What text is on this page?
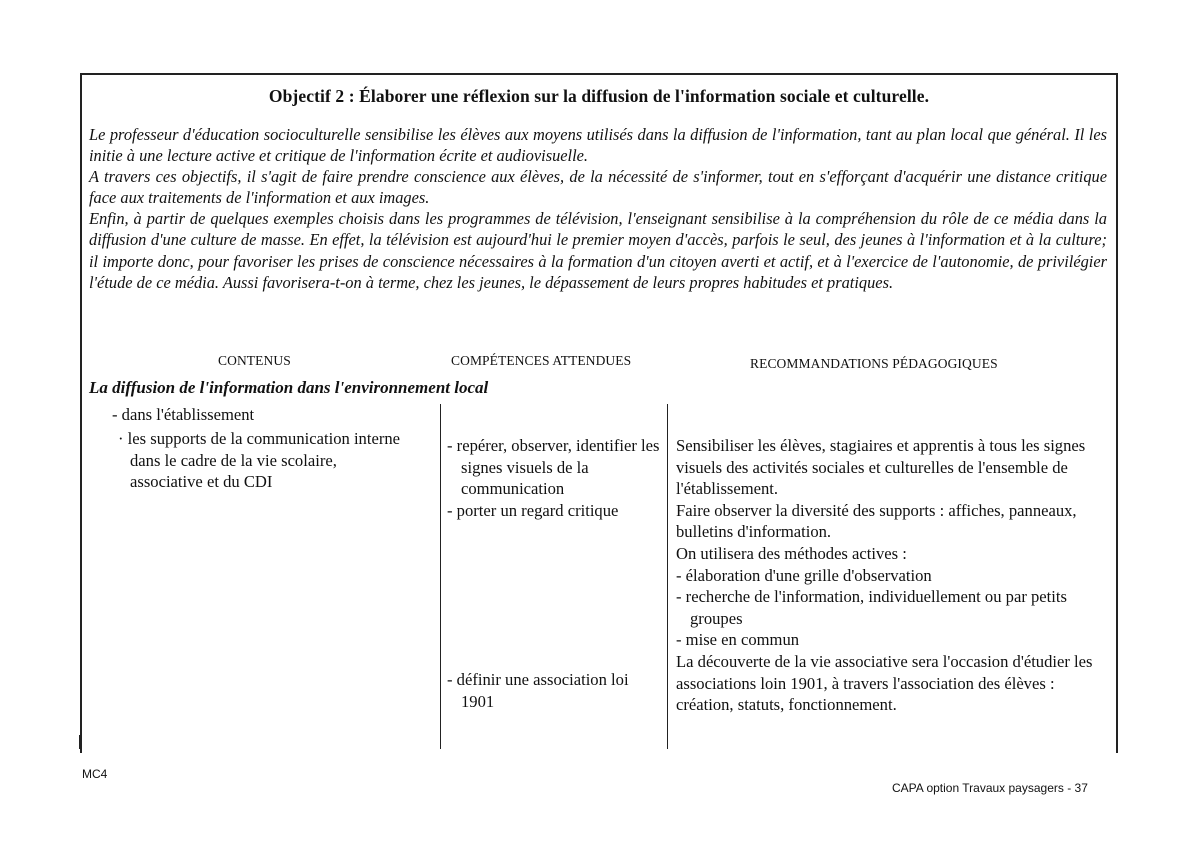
Objectif 2 : Élaborer une réflexion sur la diffusion de l'information sociale et culturelle.

Le professeur d'éducation socioculturelle sensibilise les élèves aux moyens utilisés dans la diffusion de l'information, tant au plan local que général. Il les initie à une lecture active et critique de l'information écrite et audiovisuelle.

A travers ces objectifs, il s'agit de faire prendre conscience aux élèves, de la nécessité de s'informer, tout en s'efforçant d'acquérir une distance critique face aux traitements de l'information et aux images.

Enfin, à partir de quelques exemples choisis dans les programmes de télévision, l'enseignant sensibilise à la compréhension du rôle de ce média dans la diffusion d'une culture de masse. En effet, la télévision est aujourd'hui le premier moyen d'accès, parfois le seul, des jeunes à l'information et à la culture; il importe donc, pour favoriser les prises de conscience nécessaires à la formation d'un citoyen averti et actif, et à l'exercice de l'autonomie, de privilégier l'étude de ce média. Aussi favorisera-t-on à terme, chez les jeunes, le dépassement de leurs propres habitudes et pratiques.

CONTENUS	COMPÉTENCES ATTENDUES	RECOMMANDATIONS PÉDAGOGIQUES
La diffusion de l'information dans l'environnement local

- dans l'établissement

· les supports de la communication interne dans le cadre de la vie scolaire, associative et du CDI

- repérer, observer, identifier les signes visuels de la communication

- porter un regard critique

- définir une association loi 1901

Sensibiliser les élèves, stagiaires et apprentis à tous les signes visuels des activités sociales et culturelles de l'ensemble de l'établissement.

Faire observer la diversité des supports : affiches, panneaux, bulletins d'information.

On utilisera des méthodes actives :

- élaboration d'une grille d'observation

- recherche de l'information, individuellement ou par petits groupes

- mise en commun

La découverte de la vie associative sera l'occasion d'étudier les associations loin 1901, à travers l'association des élèves : création, statuts, fonctionnement.

MC4
CAPA option Travaux paysagers - 37
